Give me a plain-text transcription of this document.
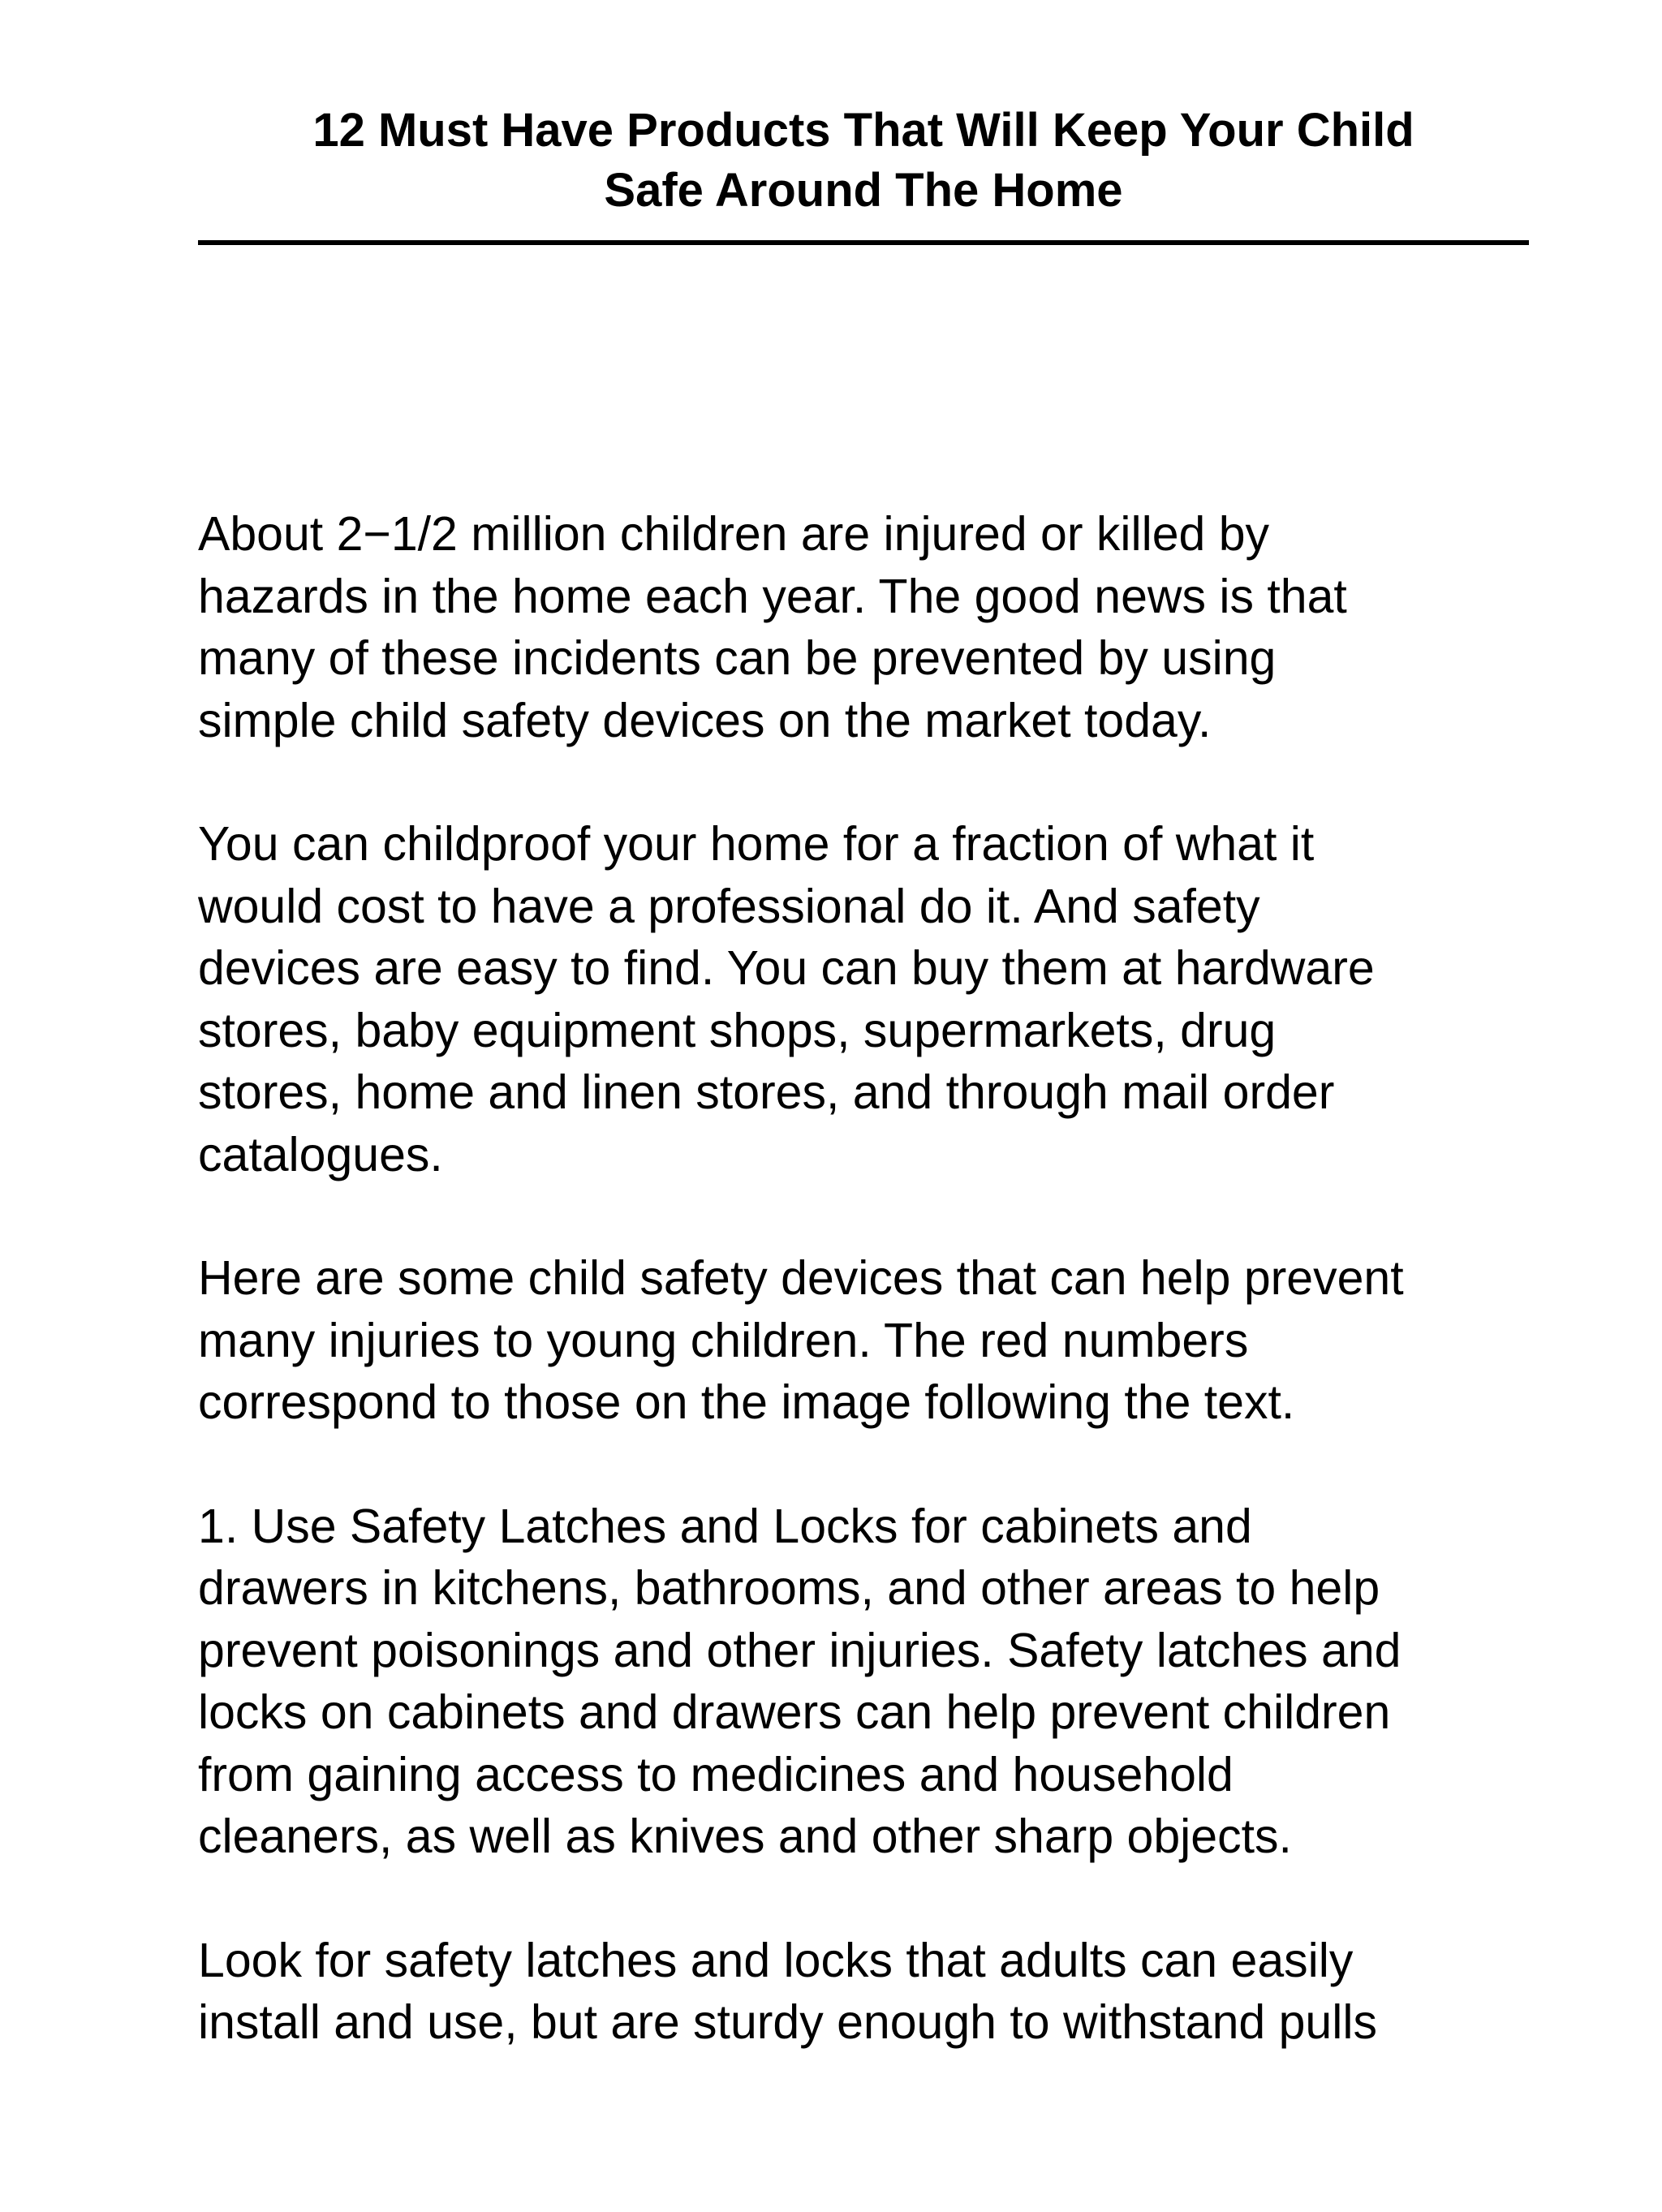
12 Must Have Products That Will Keep Your Child
Safe Around The Home
About 2−1/2 million children are injured or killed by
hazards in the home each year. The good news is that
many of these incidents can be prevented by using
simple child safety devices on the market today.
You can childproof your home for a fraction of what it
would cost to have a professional do it. And safety
devices are easy to find. You can buy them at hardware
stores, baby equipment shops, supermarkets, drug
stores, home and linen stores, and through mail order
catalogues.
Here are some child safety devices that can help prevent
many injuries to young children. The red numbers
correspond to those on the image following the text.
1. Use Safety Latches and Locks for cabinets and
drawers in kitchens, bathrooms, and other areas to help
prevent poisonings and other injuries. Safety latches and
locks on cabinets and drawers can help prevent children
from gaining access to medicines and household
cleaners, as well as knives and other sharp objects.
Look for safety latches and locks that adults can easily
install and use, but are sturdy enough to withstand pulls
